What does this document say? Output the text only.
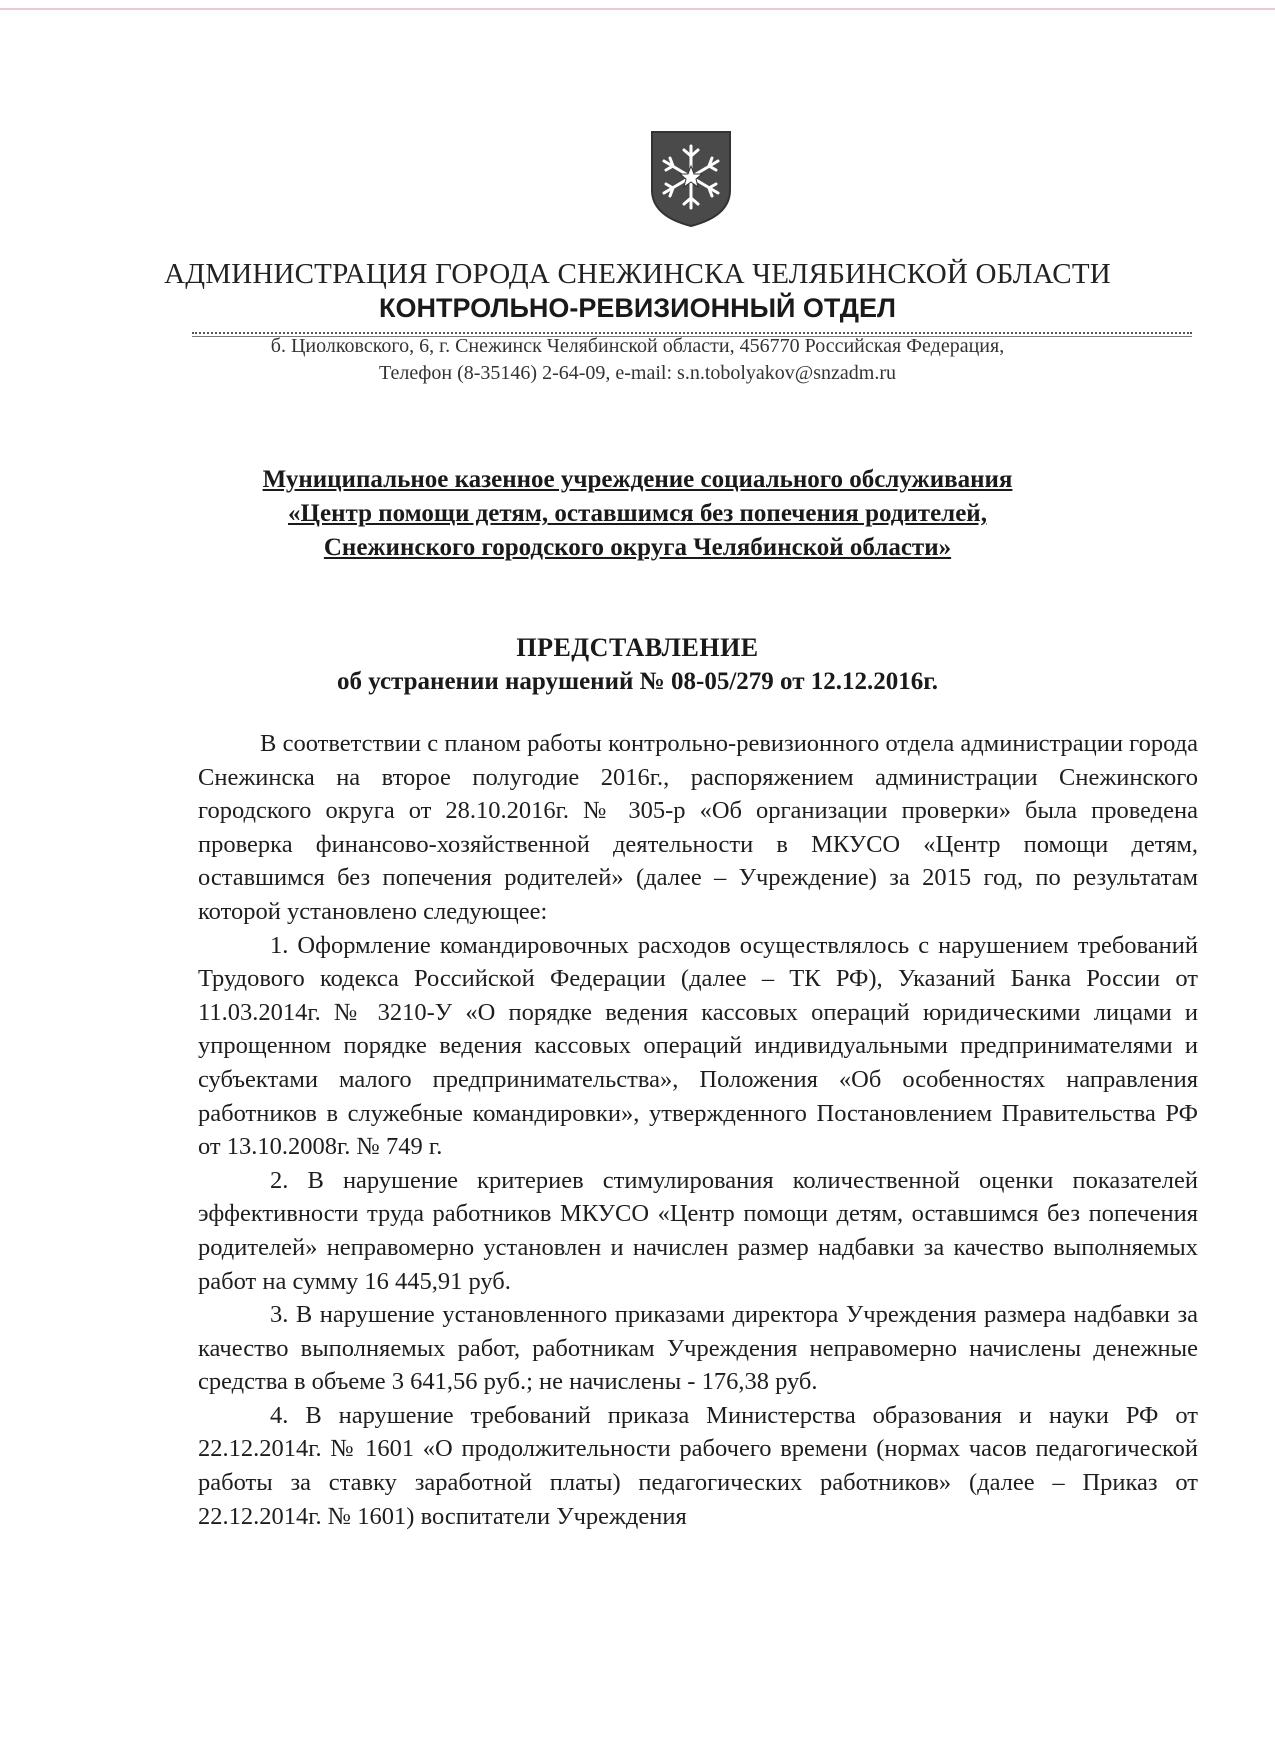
АДМИНИСТРАЦИЯ ГОРОДА СНЕЖИНСКА ЧЕЛЯБИНСКОЙ ОБЛАСТИ
КОНТРОЛЬНО-РЕВИЗИОННЫЙ ОТДЕЛ
б. Циолковского, 6, г. Снежинск Челябинской области, 456770 Российская Федерация,
Телефон (8-35146) 2-64-09, e-mail: s.n.tobolyakov@snzadm.ru
Муниципальное казенное учреждение социального обслуживания
«Центр помощи детям, оставшимся без попечения родителей,
Снежинского городского округа Челябинской области»
ПРЕДСТАВЛЕНИЕ
об устранении нарушений № 08-05/279 от 12.12.2016г.

В соответствии с планом работы контрольно-ревизионного отдела администрации города Снежинска на второе полугодие 2016г., распоряжением администрации Снежинского городского округа от 28.10.2016г. № 305-р «Об организации проверки» была проведена проверка финансово-хозяйственной деятельности в МКУСО «Центр помощи детям, оставшимся без попечения родителей» (далее – Учреждение) за 2015 год, по результатам которой установлено следующее:

1. Оформление командировочных расходов осуществлялось с нарушением требований Трудового кодекса Российской Федерации (далее – ТК РФ), Указаний Банка России от 11.03.2014г. № 3210-У «О порядке ведения кассовых операций юридическими лицами и упрощенном порядке ведения кассовых операций индивидуальными предпринимателями и субъектами малого предпринимательства», Положения «Об особенностях направления работников в служебные командировки», утвержденного Постановлением Правительства РФ от 13.10.2008г. № 749 г.

2. В нарушение критериев стимулирования количественной оценки показателей эффективности труда работников МКУСО «Центр помощи детям, оставшимся без попечения родителей» неправомерно установлен и начислен размер надбавки за качество выполняемых работ на сумму 16 445,91 руб.

3. В нарушение установленного приказами директора Учреждения размера надбавки за качество выполняемых работ, работникам Учреждения неправомерно начислены денежные средства в объеме 3 641,56 руб.; не начислены - 176,38 руб.

4. В нарушение требований приказа Министерства образования и науки РФ от 22.12.2014г. № 1601 «О продолжительности рабочего времени (нормах часов педагогической работы за ставку заработной платы) педагогических работников» (далее – Приказ от 22.12.2014г. № 1601) воспитатели Учреждения
